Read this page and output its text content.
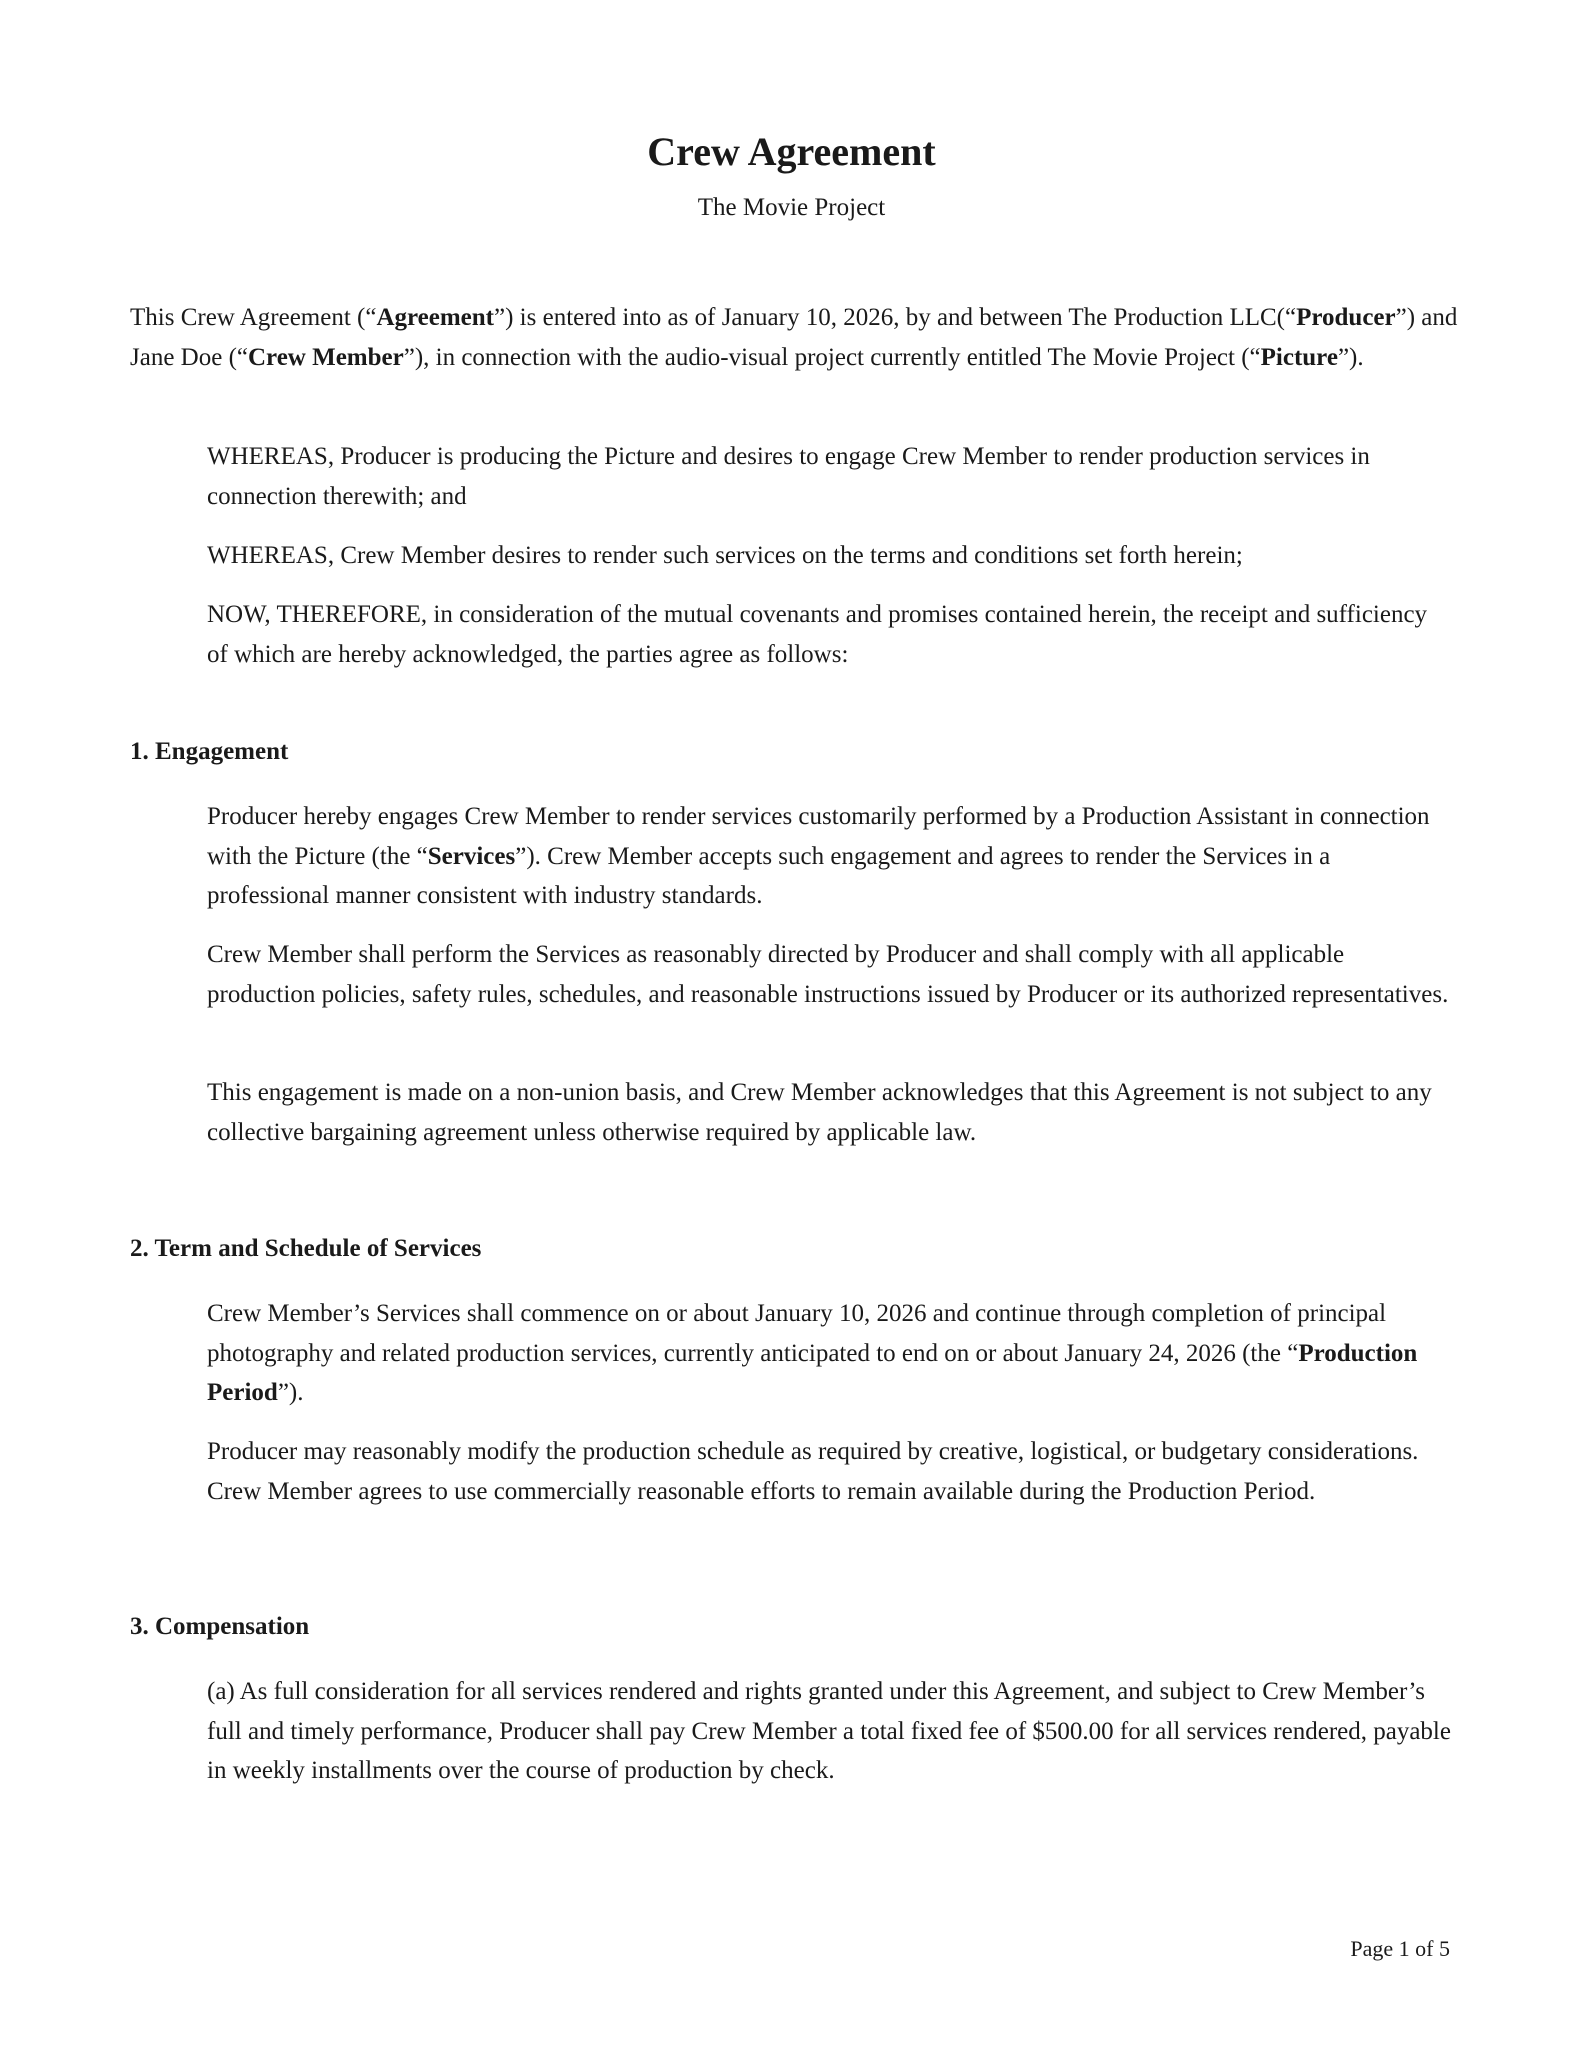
Crew Agreement
The Movie Project

This Crew Agreement (“Agreement”) is entered into as of January 10, 2026, by and between The Production LLC(“Producer”) and Jane Doe (“Crew Member”), in connection with the audio-visual project currently entitled The Movie Project (“Picture”).

WHEREAS, Producer is producing the Picture and desires to engage Crew Member to render production services in connection therewith; and

WHEREAS, Crew Member desires to render such services on the terms and conditions set forth herein;

NOW, THEREFORE, in consideration of the mutual covenants and promises contained herein, the receipt and sufficiency of which are hereby acknowledged, the parties agree as follows:

1. Engagement

Producer hereby engages Crew Member to render services customarily performed by a Production Assistant in connection with the Picture (the “Services”). Crew Member accepts such engagement and agrees to render the Services in a professional manner consistent with industry standards.

Crew Member shall perform the Services as reasonably directed by Producer and shall comply with all applicable production policies, safety rules, schedules, and reasonable instructions issued by Producer or its authorized representatives.

This engagement is made on a non-union basis, and Crew Member acknowledges that this Agreement is not subject to any collective bargaining agreement unless otherwise required by applicable law.

2. Term and Schedule of Services

Crew Member’s Services shall commence on or about January 10, 2026 and continue through completion of principal photography and related production services, currently anticipated to end on or about January 24, 2026 (the “Production Period”).

Producer may reasonably modify the production schedule as required by creative, logistical, or budgetary considerations. Crew Member agrees to use commercially reasonable efforts to remain available during the Production Period.

3. Compensation

(a) As full consideration for all services rendered and rights granted under this Agreement, and subject to Crew Member’s full and timely performance, Producer shall pay Crew Member a total fixed fee of $500.00 for all services rendered, payable in weekly installments over the course of production by check.

Page 1 of 5
